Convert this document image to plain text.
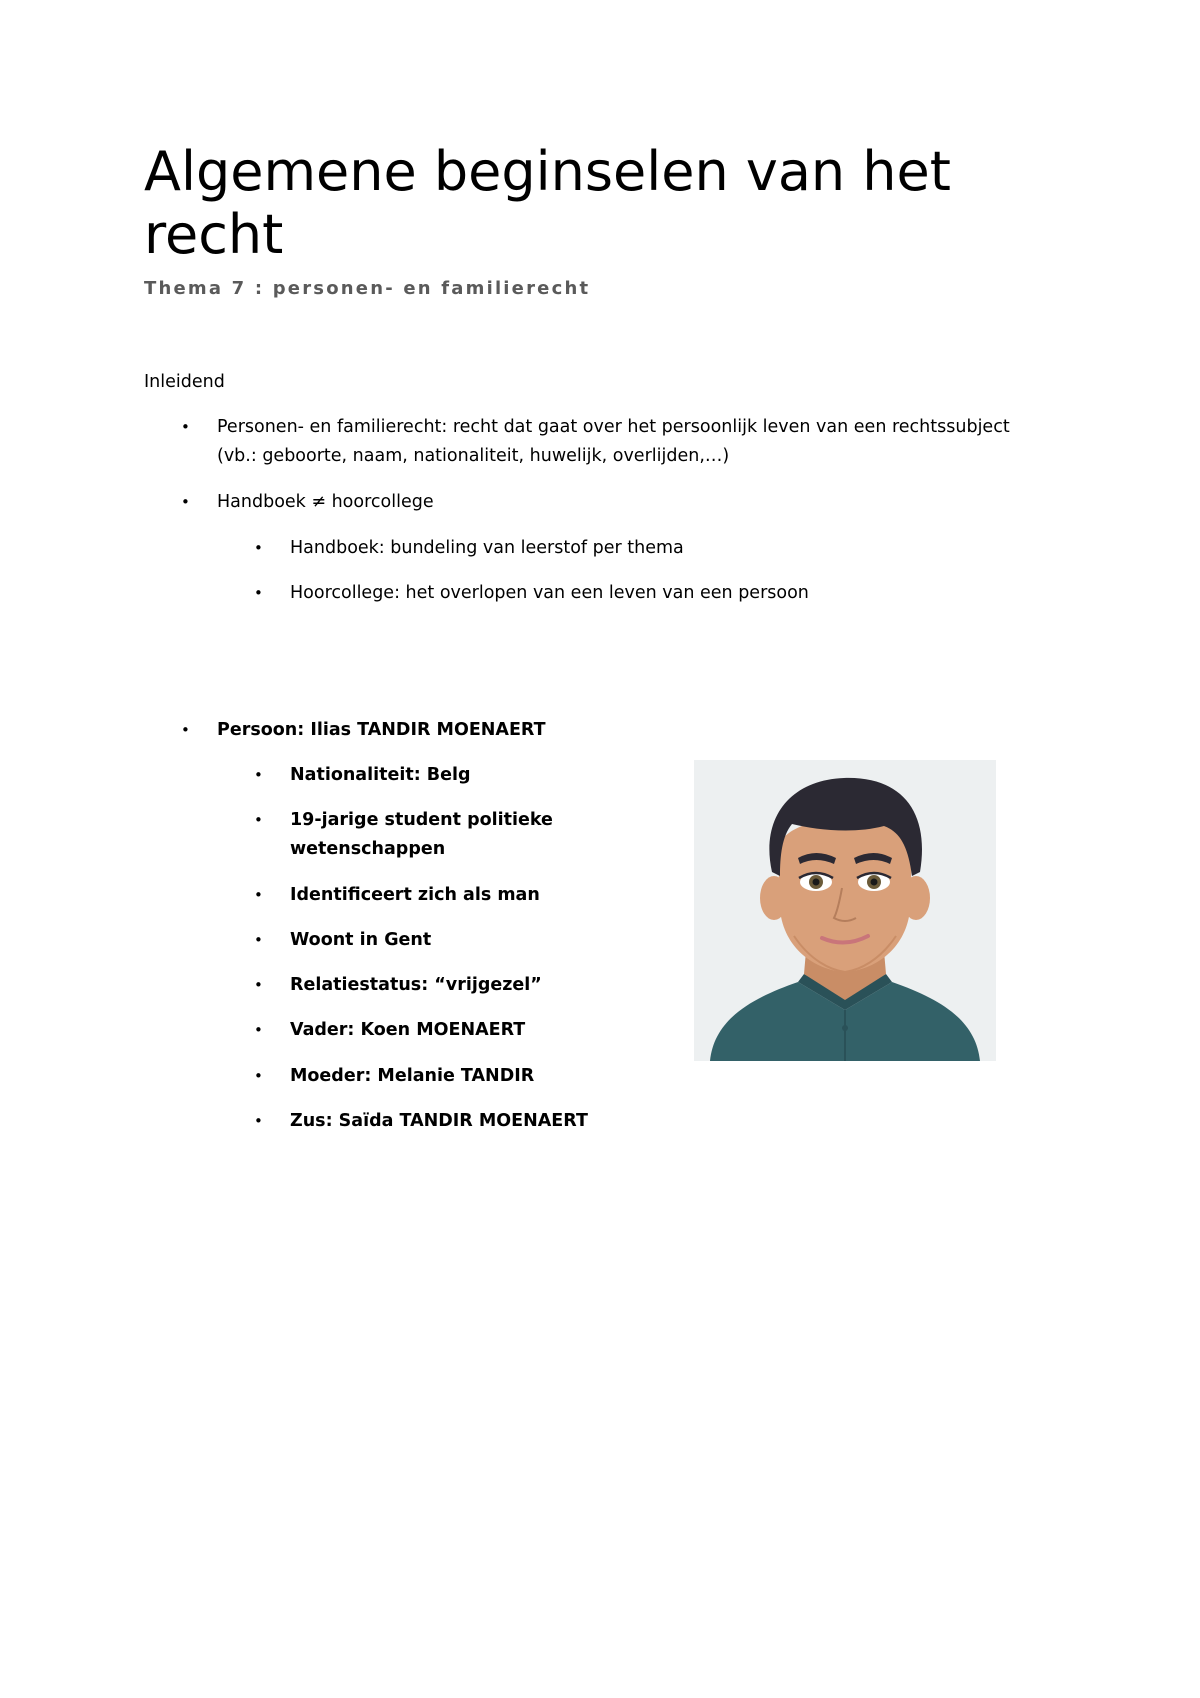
Algemene beginselen van het
recht
Thema 7 : personen- en familierecht
Inleidend
• Personen- en familierecht: recht dat gaat over het persoonlijk leven van een rechtssubject
(vb.: geboorte, naam, nationaliteit, huwelijk, overlijden,…)
• Handboek ≠ hoorcollege
• Handboek: bundeling van leerstof per thema
• Hoorcollege: het overlopen van een leven van een persoon
• Persoon: Ilias TANDIR MOENAERT
• Nationaliteit: Belg
• 19-jarige student politieke
wetenschappen
• Identificeert zich als man
• Woont in Gent
• Relatiestatus: “vrijgezel”
• Vader: Koen MOENAERT
• Moeder: Melanie TANDIR
• Zus: Saïda TANDIR MOENAERT
